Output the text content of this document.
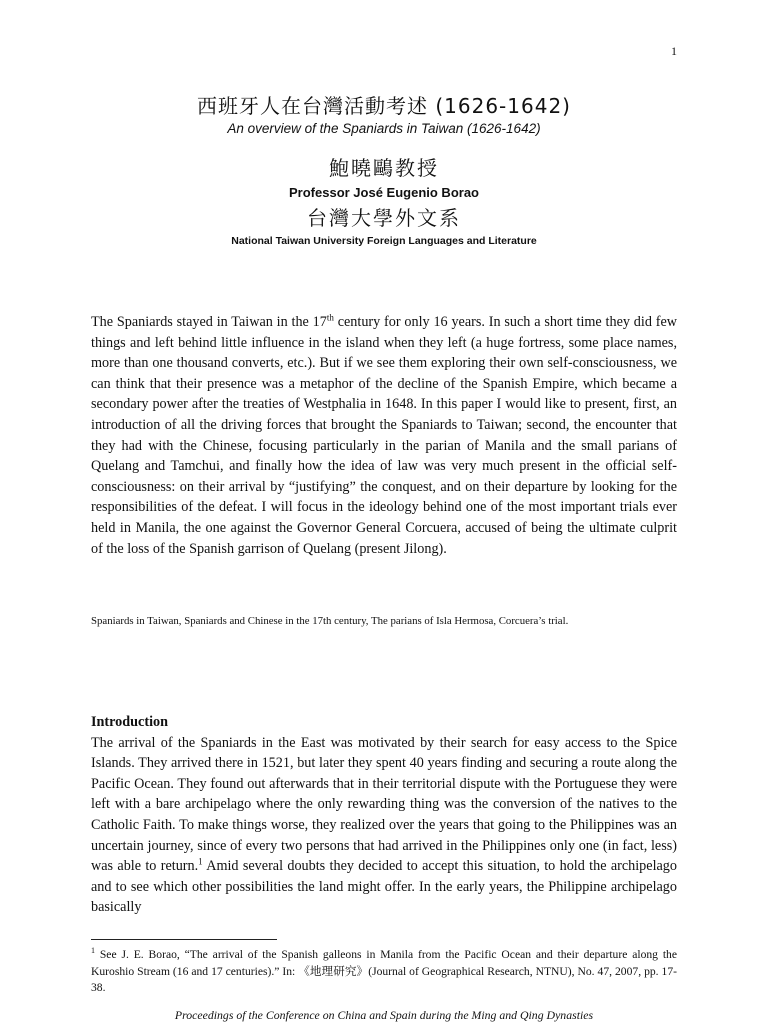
1
西班牙人在台灣活動考述 (1626-1642)
An overview of the Spaniards in Taiwan (1626-1642)
鮑曉鷗教授
Professor José Eugenio Borao
台灣大學外文系
National Taiwan University Foreign Languages and Literature
The Spaniards stayed in Taiwan in the 17th century for only 16 years. In such a short time they did few things and left behind little influence in the island when they left (a huge fortress, some place names, more than one thousand converts, etc.). But if we see them exploring their own self-consciousness, we can think that their presence was a metaphor of the decline of the Spanish Empire, which became a secondary power after the treaties of Westphalia in 1648. In this paper I would like to present, first, an introduction of all the driving forces that brought the Spaniards to Taiwan; second, the encounter that they had with the Chinese, focusing particularly in the parian of Manila and the small parians of Quelang and Tamchui, and finally how the idea of law was very much present in the official self-consciousness: on their arrival by “justifying” the conquest, and on their departure by looking for the responsibilities of the defeat. I will focus in the ideology behind one of the most important trials ever held in Manila, the one against the Governor General Corcuera, accused of being the ultimate culprit of the loss of the Spanish garrison of Quelang (present Jilong).
Spaniards in Taiwan, Spaniards and Chinese in the 17th century, The parians of Isla Hermosa, Corcuera’s trial.
Introduction
The arrival of the Spaniards in the East was motivated by their search for easy access to the Spice Islands. They arrived there in 1521, but later they spent 40 years finding and securing a route along the Pacific Ocean. They found out afterwards that in their territorial dispute with the Portuguese they were left with a bare archipelago where the only rewarding thing was the conversion of the natives to the Catholic Faith. To make things worse, they realized over the years that going to the Philippines was an uncertain journey, since of every two persons that had arrived in the Philippines only one (in fact, less) was able to return.$^1$ Amid several doubts they decided to accept this situation, to hold the archipelago and to see which other possibilities the land might offer. In the early years, the Philippine archipelago basically
$^1$ See J. E. Borao, “The arrival of the Spanish galleons in Manila from the Pacific Ocean and their departure along the Kuroshio Stream (16 and 17 centuries).” In: 《地理研究》(Journal of Geographical Research, NTNU), No. 47, 2007, pp. 17-38.
Proceedings of the Conference on China and Spain during the Ming and Qing Dynasties
